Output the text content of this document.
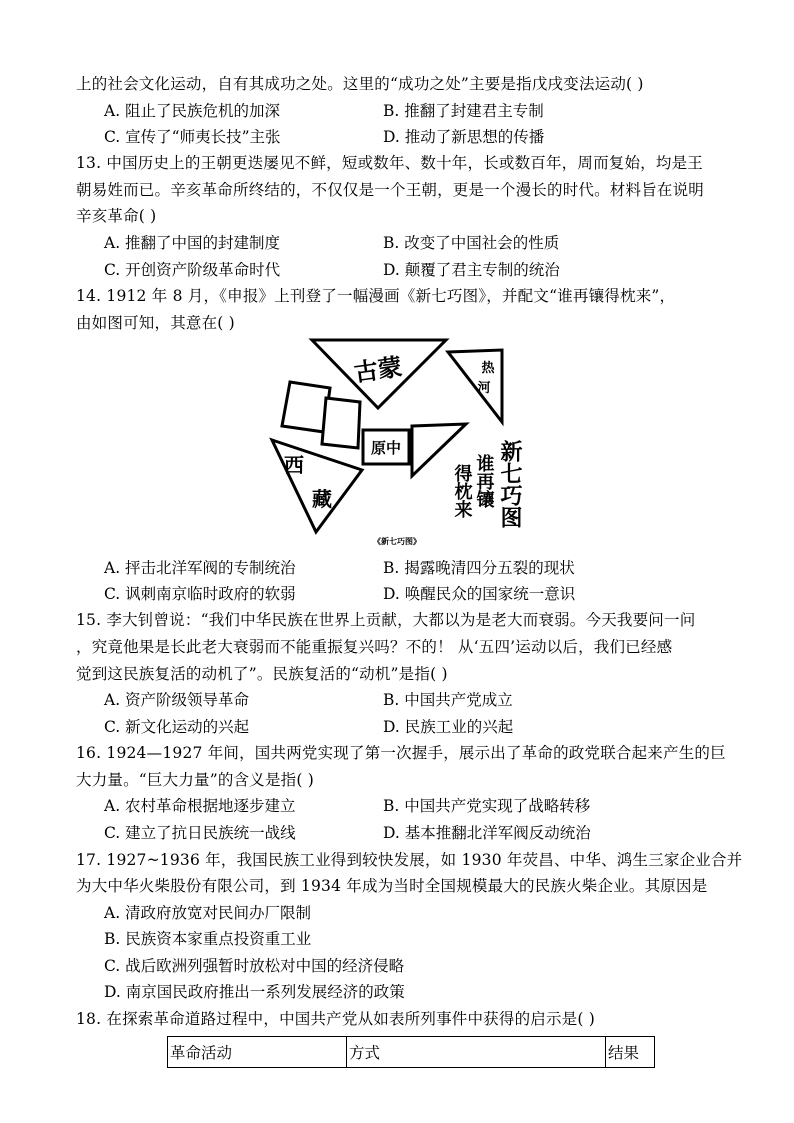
上的社会文化运动，自有其成功之处。这里的“成功之处”主要是指戊戌变法运动( )
A. 阻止了民族危机的加深	B. 推翻了封建君主专制
C. 宣传了“师夷长技”主张	D. 推动了新思想的传播
13. 中国历史上的王朝更迭屡见不鲜，短或数年、数十年，长或数百年，周而复始，均是王
朝易姓而已。辛亥革命所终结的，不仅仅是一个王朝，更是一个漫长的时代。材料旨在说明
辛亥革命( )
A. 推翻了中国的封建制度	B. 改变了中国社会的性质
C. 开创资产阶级革命时代	D. 颠覆了君主专制的统治
14. 1912 年 8 月，《申报》上刊登了一幅漫画《新七巧图》，并配文“谁再镶得枕来”，
由如图可知，其意在( )
古蒙	热
河
原中
西
藏	新七巧图
谁再镶
得枕来
《新七巧图》
A. 抨击北洋军阀的专制统治	B. 揭露晚清四分五裂的现状
C. 讽刺南京临时政府的软弱	D. 唤醒民众的国家统一意识
15. 李大钊曾说：“我们中华民族在世界上贡献，大都以为是老大而衰弱。今天我要问一问
，究竟他果是长此老大衰弱而不能重振复兴吗？不的！ 从‘五四’运动以后，我们已经感
觉到这民族复活的动机了”。民族复活的“动机”是指( )
A. 资产阶级领导革命	B. 中国共产党成立
C. 新文化运动的兴起	D. 民族工业的兴起
16. 1924—1927 年间，国共两党实现了第一次握手，展示出了革命的政党联合起来产生的巨
大力量。“巨大力量”的含义是指( )
A. 农村革命根据地逐步建立	B. 中国共产党实现了战略转移
C. 建立了抗日民族统一战线	D. 基本推翻北洋军阀反动统治
17. 1927~1936 年，我国民族工业得到较快发展，如 1930 年荧昌、中华、鸿生三家企业合并
为大中华火柴股份有限公司，到 1934 年成为当时全国规模最大的民族火柴企业。其原因是
A. 清政府放宽对民间办厂限制
B. 民族资本家重点投资重工业
C. 战后欧洲列强暂时放松对中国的经济侵略
D. 南京国民政府推出一系列发展经济的政策
18. 在探索革命道路过程中，中国共产党从如表所列事件中获得的启示是( )
革命活动	方式	结果
